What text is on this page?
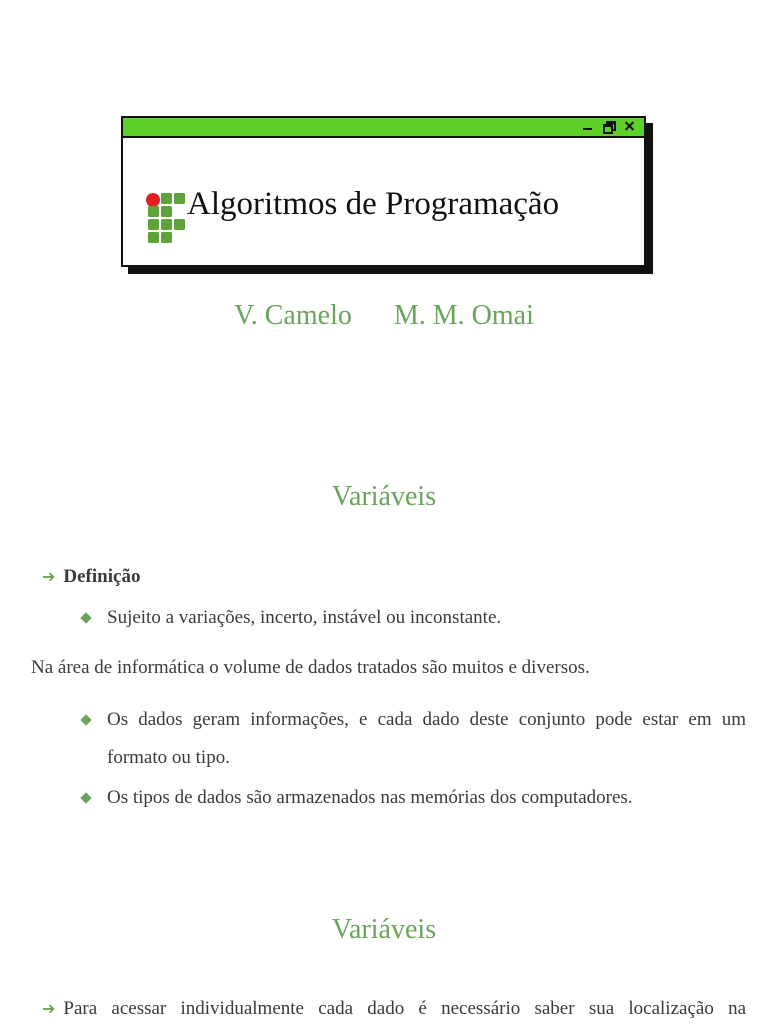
Algoritmos de Programação
V. Camelo M. M. Omai
Variáveis
➔ Definição
Sujeito a variações, incerto, instável ou inconstante.
Na área de informática o volume de dados tratados são muitos e diversos.
Os dados geram informações, e cada dado deste conjunto pode estar em um formato ou tipo.
Os tipos de dados são armazenados nas memórias dos computadores.
Variáveis
➔ Para acessar individualmente cada dado é necessário saber sua localização na
